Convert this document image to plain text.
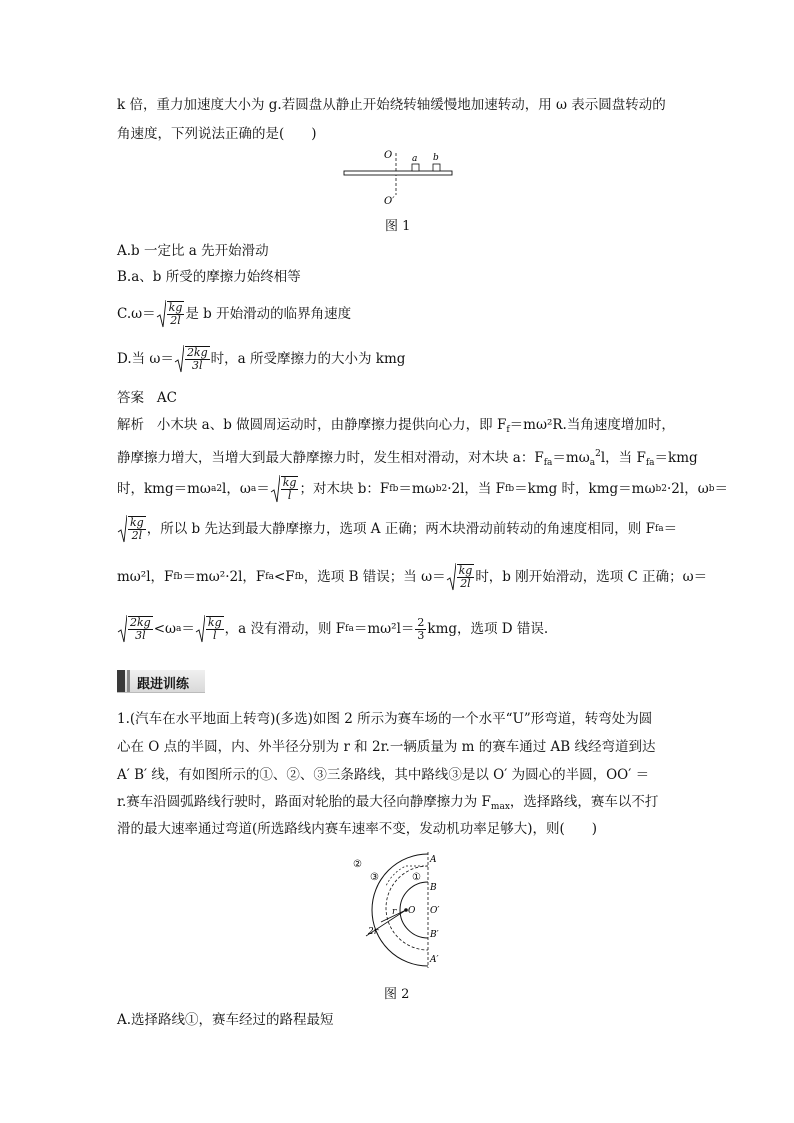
k 倍，重力加速度大小为 g.若圆盘从静止开始绕转轴缓慢地加速转动，用 ω 表示圆盘转动的
角速度，下列说法正确的是(　　)
O a b
O′
图 1
A.b 一定比 a 先开始滑动
B.a、b 所受的摩擦力始终相等
$C.\omega= \frac{kg}{2l}$ 是 b 开始滑动的临界角速度
D.当 $\omega= \frac{2kg}{3l}$ 时，a 所受摩擦力的大小为 kmg
答案 AC
解析 小木块 a、b 做圆周运动时，由静摩擦力提供向心力，即 $F_f=m\omega^2R$.当角速度增加时，
静摩擦力增大，当增大到最大静摩擦力时，发生相对滑动，对木块 a：$F_{fa}=m\omega_a^2l$，当 $F_{fa}=kmg$
时，kmg＝mω a 2 l，ω $a = \frac{kg}{l}$ ；对木块 b：F fb ＝mω b 2 ·2l，当 F fb ＝kmg 时，kmg＝mω b 2 ·2l，ω b ＝
$\frac{kg}{2l}$ ，所以 b 先达到最大静摩擦力，选项 A 正确；两木块滑动前转动的角速度相同，则 F fa ＝
mω²l，F fb ＝mω²·2l，F fa <F fb ，选项 B 错误；当 $\omega= \frac{kg}{2l}$ 时，b 刚开始滑动，选项 C 正确；ω＝
$\frac{2kg}{3l} <\omega$ $a = \frac{kg}{l}$ ，a 没有滑动，则 F fa $=m\omega^2l= \frac{2}{3}$ kmg，选项 D 错误.
跟进训练
1.(汽车在水平地面上转弯)(多选)如图 2 所示为赛车场的一个水平“U”形弯道，转弯处为圆
心在 O 点的半圆，内、外半径分别为 r 和 2r.一辆质量为 m 的赛车通过 AB 线经弯道到达
A′ B′ 线，有如图所示的①、②、③三条路线，其中路线③是以 O′ 为圆心的半圆，OO′ ＝
r.赛车沿圆弧路线行驶时，路面对轮胎的最大径向静摩擦力为 $F_{max}$，选择路线，赛车以不打
滑的最大速率通过弯道(所选路线内赛车速率不变，发动机功率足够大)，则(　　)
②
③	①
A
B
O O′
B′
A′
r
2r
图 2
A.选择路线①，赛车经过的路程最短
